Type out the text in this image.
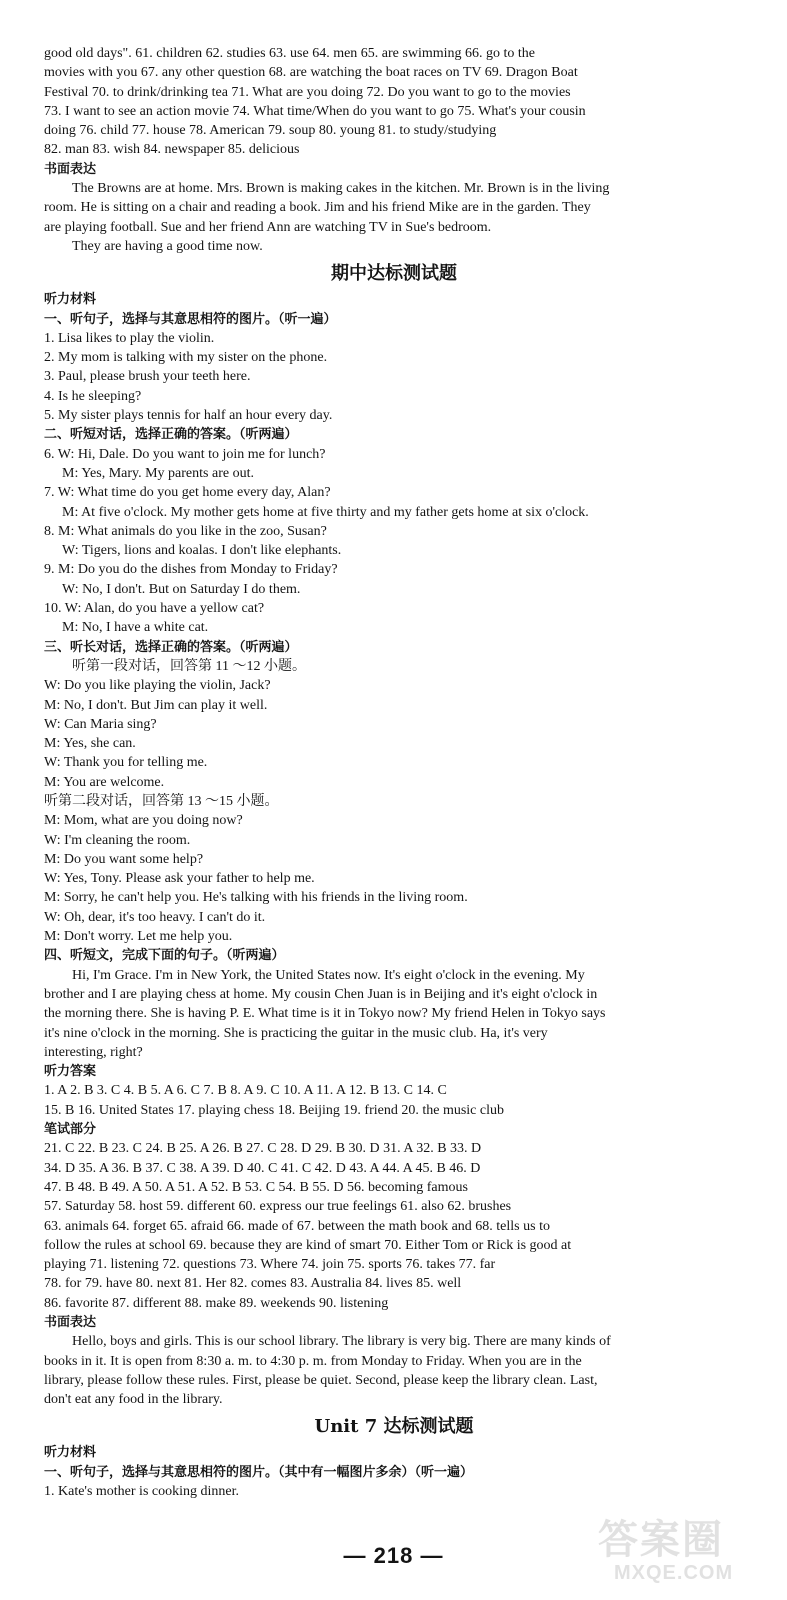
good old days". 61. children 62. studies 63. use 64. men 65. are swimming 66. go to the

movies with you 67. any other question 68. are watching the boat races on TV 69. Dragon Boat

Festival 70. to drink/drinking tea 71. What are you doing 72. Do you want to go to the movies

73. I want to see an action movie 74. What time/When do you want to go 75. What's your cousin

doing 76. child 77. house 78. American 79. soup 80. young 81. to study/studying

82. man 83. wish 84. newspaper 85. delicious

书面表达

The Browns are at home. Mrs. Brown is making cakes in the kitchen. Mr. Brown is in the living

room. He is sitting on a chair and reading a book. Jim and his friend Mike are in the garden. They

are playing football. Sue and her friend Ann are watching TV in Sue's bedroom.

They are having a good time now.

期中达标测试题

听力材料

一、听句子，选择与其意思相符的图片。（听一遍）

1. Lisa likes to play the violin.

2. My mom is talking with my sister on the phone.

3. Paul, please brush your teeth here.

4. Is he sleeping?

5. My sister plays tennis for half an hour every day.

二、听短对话，选择正确的答案。（听两遍）

6. W: Hi, Dale. Do you want to join me for lunch?

M: Yes, Mary. My parents are out.

7. W: What time do you get home every day, Alan?

M: At five o'clock. My mother gets home at five thirty and my father gets home at six o'clock.

8. M: What animals do you like in the zoo, Susan?

W: Tigers, lions and koalas. I don't like elephants.

9. M: Do you do the dishes from Monday to Friday?

W: No, I don't. But on Saturday I do them.

10. W: Alan, do you have a yellow cat?

M: No, I have a white cat.

三、听长对话，选择正确的答案。（听两遍）

听第一段对话，回答第 11 ～12 小题。

W: Do you like playing the violin, Jack?

M: No, I don't. But Jim can play it well.

W: Can Maria sing?

M: Yes, she can.

W: Thank you for telling me.

M: You are welcome.

听第二段对话，回答第 13 ～15 小题。

M: Mom, what are you doing now?

W: I'm cleaning the room.

M: Do you want some help?

W: Yes, Tony. Please ask your father to help me.

M: Sorry, he can't help you. He's talking with his friends in the living room.

W: Oh, dear, it's too heavy. I can't do it.

M: Don't worry. Let me help you.

四、听短文，完成下面的句子。（听两遍）

Hi, I'm Grace. I'm in New York, the United States now. It's eight o'clock in the evening. My

brother and I are playing chess at home. My cousin Chen Juan is in Beijing and it's eight o'clock in

the morning there. She is having P. E. What time is it in Tokyo now? My friend Helen in Tokyo says

it's nine o'clock in the morning. She is practicing the guitar in the music club. Ha, it's very

interesting, right?

听力答案

1. A 2. B 3. C 4. B 5. A 6. C 7. B 8. A 9. C 10. A 11. A 12. B 13. C 14. C

15. B 16. United States 17. playing chess 18. Beijing 19. friend 20. the music club

笔试部分

21. C 22. B 23. C 24. B 25. A 26. B 27. C 28. D 29. B 30. D 31. A 32. B 33. D

34. D 35. A 36. B 37. C 38. A 39. D 40. C 41. C 42. D 43. A 44. A 45. B 46. D

47. B 48. B 49. A 50. A 51. A 52. B 53. C 54. B 55. D 56. becoming famous

57. Saturday 58. host 59. different 60. express our true feelings 61. also 62. brushes

63. animals 64. forget 65. afraid 66. made of 67. between the math book and 68. tells us to

follow the rules at school 69. because they are kind of smart 70. Either Tom or Rick is good at

playing 71. listening 72. questions 73. Where 74. join 75. sports 76. takes 77. far

78. for 79. have 80. next 81. Her 82. comes 83. Australia 84. lives 85. well

86. favorite 87. different 88. make 89. weekends 90. listening

书面表达

Hello, boys and girls. This is our school library. The library is very big. There are many kinds of

books in it. It is open from 8:30 a. m. to 4:30 p. m. from Monday to Friday. When you are in the

library, please follow these rules. First, please be quiet. Second, please keep the library clean. Last,

don't eat any food in the library.

Unit 7 达标测试题

听力材料

一、听句子，选择与其意思相符的图片。（其中有一幅图片多余）（听一遍）

1. Kate's mother is cooking dinner.

— 218 —	答案圈
MXQE.COM
